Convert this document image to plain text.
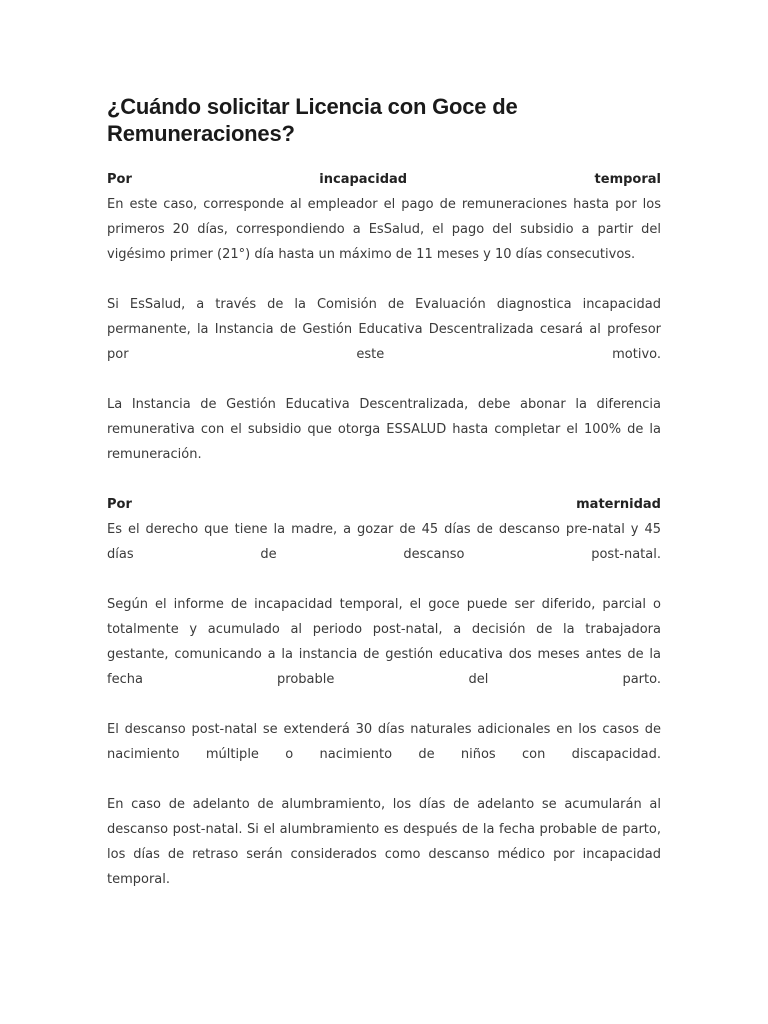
¿Cuándo solicitar Licencia con Goce de Remuneraciones?
Por incapacidad temporal
En este caso, corresponde al empleador el pago de remuneraciones hasta por los primeros 20 días, correspondiendo a EsSalud, el pago del subsidio a partir del vigésimo primer (21°) día hasta un máximo de 11 meses y 10 días consecutivos.

Si EsSalud, a través de la Comisión de Evaluación diagnostica incapacidad permanente, la Instancia de Gestión Educativa Descentralizada cesará al profesor por este motivo.

La Instancia de Gestión Educativa Descentralizada, debe abonar la diferencia remunerativa con el subsidio que otorga ESSALUD hasta completar el 100% de la remuneración.

Por maternidad
Es el derecho que tiene la madre, a gozar de 45 días de descanso pre-natal y 45 días de descanso post-natal.

Según el informe de incapacidad temporal, el goce puede ser diferido, parcial o totalmente y acumulado al periodo post-natal, a decisión de la trabajadora gestante, comunicando a la instancia de gestión educativa dos meses antes de la fecha probable del parto.

El descanso post-natal se extenderá 30 días naturales adicionales en los casos de nacimiento múltiple o nacimiento de niños con discapacidad.

En caso de adelanto de alumbramiento, los días de adelanto se acumularán al descanso post-natal. Si el alumbramiento es después de la fecha probable de parto, los días de retraso serán considerados como descanso médico por incapacidad temporal.
